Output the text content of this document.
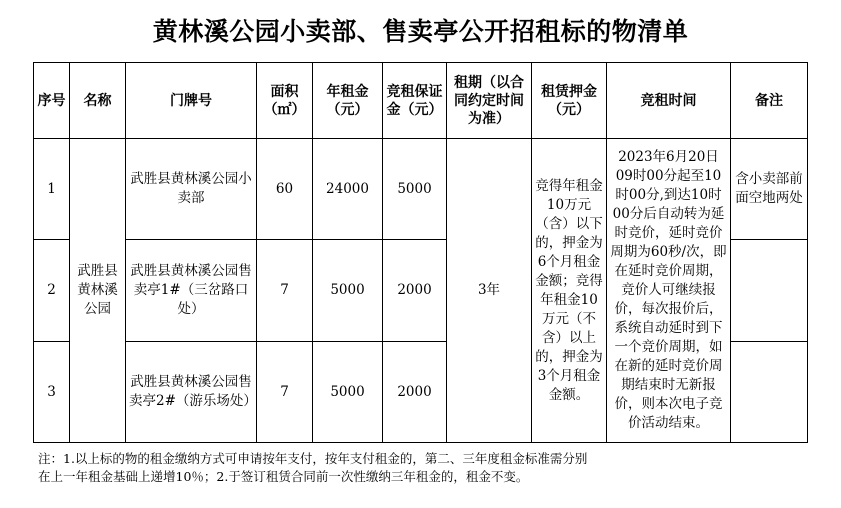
黄林溪公园小卖部、售卖亭公开招租标的物清单
序号	名称	门牌号	面积（㎡）	年租金（元）	竞租保证金（元）	租期（以合同约定时间为准）	租赁押金（元）	竞租时间	备注
1	武胜县黄林溪公园	武胜县黄林溪公园小卖部	60	24000	5000	3年	竞得年租金10万元（含）以下的，押金为6个月租金金额；竞得年租金10万元（不含）以上的，押金为3个月租金金额。	2023年6月20日09时00分起至10时00分,到达10时00分后自动转为延时竞价，延时竞价周期为60秒/次，即在延时竞价周期，竞价人可继续报价，每次报价后，系统自动延时到下一个竞价周期，如在新的延时竞价周期结束时无新报价，则本次电子竞价活动结束。	含小卖部前面空地两处
2		武胜县黄林溪公园售卖亭1#（三岔路口处）	7	5000	2000				
3		武胜县黄林溪公园售卖亭2#（游乐场处）	7	5000	2000				
注：1.以上标的物的租金缴纳方式可申请按年支付，按年支付租金的，第二、三年度租金标准需分别
在上一年租金基础上递增10％；2.于签订租赁合同前一次性缴纳三年租金的，租金不变。
